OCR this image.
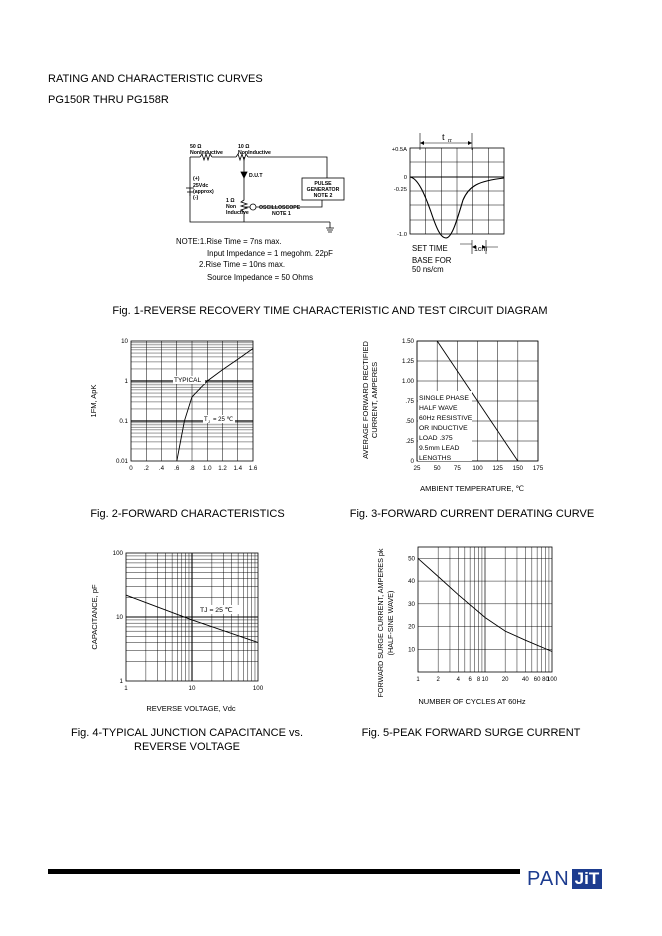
RATING AND CHARACTERISTIC CURVES
PG150R THRU PG158R
50 Ω
NonInductive
10 Ω
NonInductive
D.U.T
(+)
25Vdc
(approx)
(-)	1 Ω
Non
Inductive
OSCILLOSCOPE
NOTE 1
PULSE
GENERATOR
NOTE 2
t rr
+0.5A
0
-0.25
-1.0
SET TIME	1cm
BASE FOR
50 ns/cm
NOTE:1.Rise Time = 7ns max.
Input Impedance = 1 megohm. 22pF
2.Rise Time = 10ns max.
Source Impedance = 50 Ohms
Fig. 1-REVERSE RECOVERY TIME CHARACTERISTIC AND TEST CIRCUIT DIAGRAM
10
1
0.1
0.01
0 .2 .4 .6 .8 1.0 1.2 1.4 1.6
TYPICAL
T J = 25 ℃
1FM, ApK
Fig. 2-FORWARD CHARACTERISTICS
1.50
1.25
1.00
.75
.50
.25
0
25 50 75 100 125 150 175
SINGLE PHASE
HALF WAVE
60Hz RESISTIVE
OR INDUCTIVE
LOAD .375
9.5mm LEAD
LENGTHS
AVERAGE FORWARD RECTIFIED CURRENT, AMPERES
AMBIENT TEMPERATURE, ℃
Fig. 3-FORWARD CURRENT DERATING CURVE
100
10
1
1	10	100
TJ = 25 ℃
CAPACITANCE, pF
REVERSE VOLTAGE, Vdc
Fig. 4-TYPICAL JUNCTION CAPACITANCE vs.
REVERSE VOLTAGE
50
40
30
20
10
1	2	4 6 8 10 20 40 60 80
100
FORWARD SURGE CURRENT, AMPERES pk (HALF-SINE WAVE)
NUMBER OF CYCLES AT 60Hz
Fig. 5-PEAK FORWARD SURGE CURRENT
PAN JiT
